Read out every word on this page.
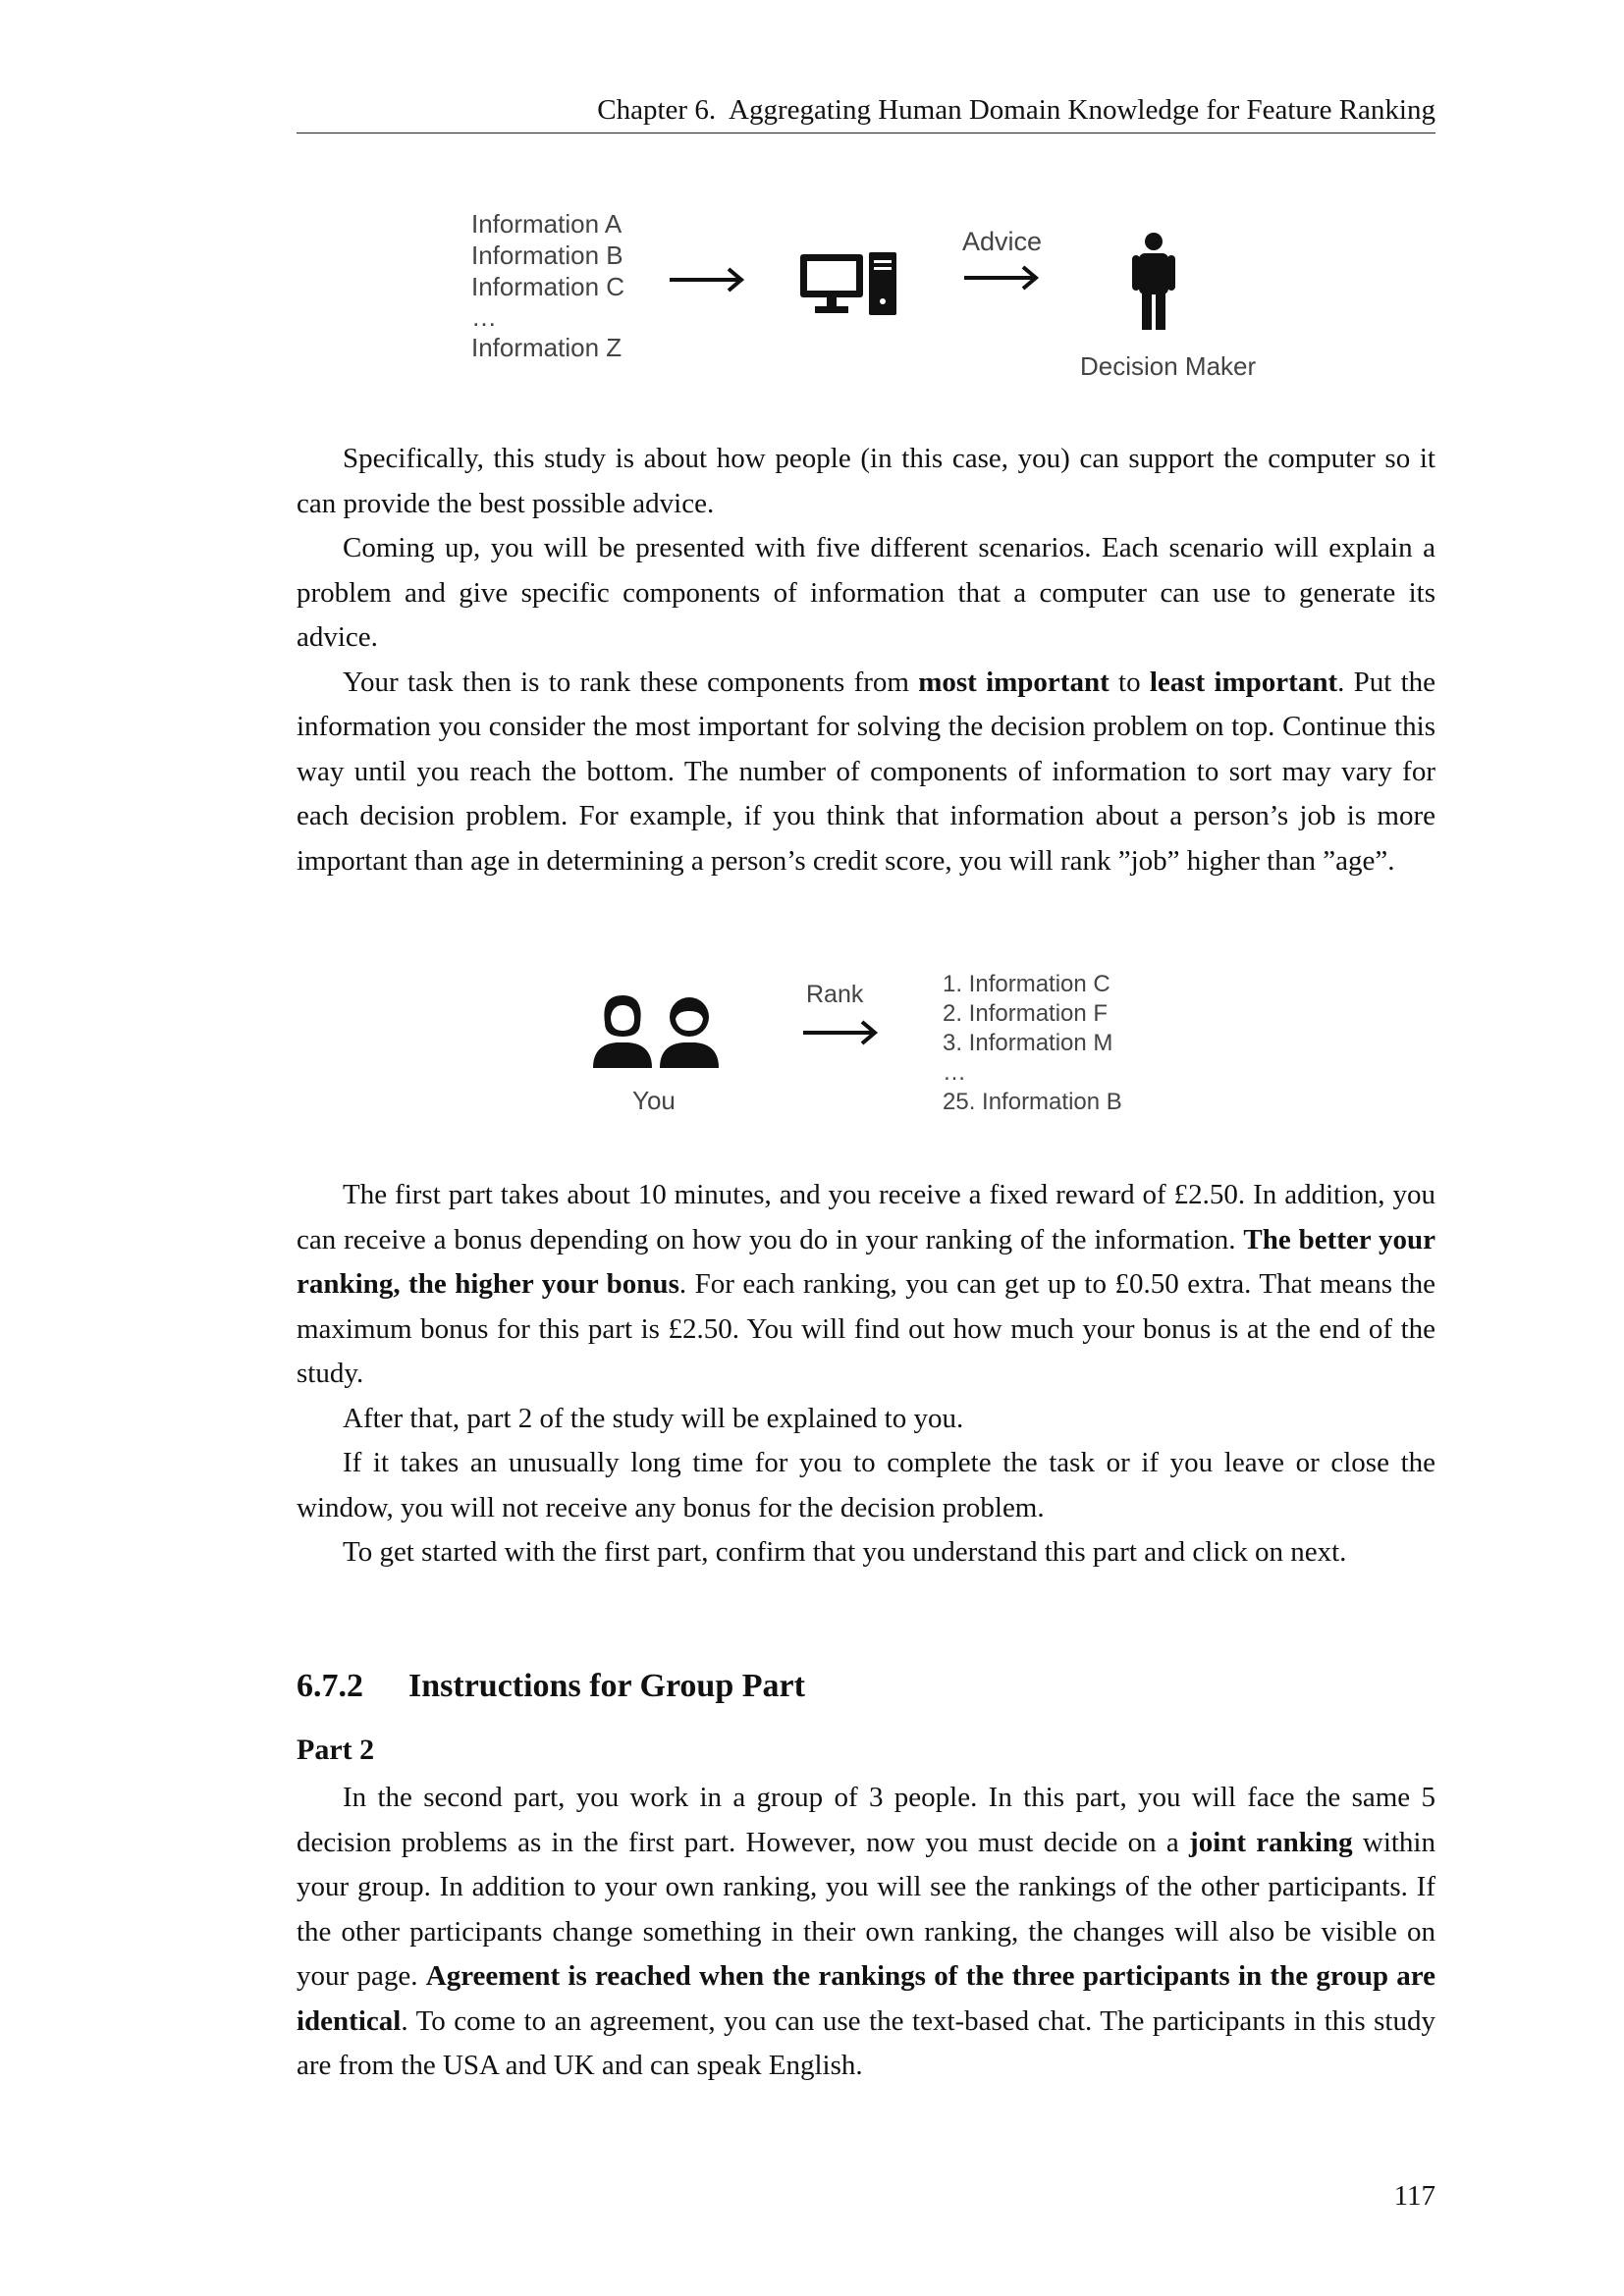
Chapter 6. Aggregating Human Domain Knowledge for Feature Ranking
Information A
Information B
Information C
…
Information Z
Advice
Decision Maker

Specifically, this study is about how people (in this case, you) can support the computer so it can provide the best possible advice.

Coming up, you will be presented with five different scenarios. Each scenario will explain a problem and give specific components of information that a computer can use to generate its advice.

Your task then is to rank these components from most important to least important. Put the information you consider the most important for solving the decision problem on top. Continue this way until you reach the bottom. The number of components of information to sort may vary for each decision problem. For example, if you think that information about a person’s job is more important than age in determining a person’s credit score, you will rank ”job” higher than ”age”.

You
Rank	1. Information C
2. Information F
3. Information M
…
25. Information B

The first part takes about 10 minutes, and you receive a fixed reward of £2.50. In addition, you can receive a bonus depending on how you do in your ranking of the information. The better your ranking, the higher your bonus. For each ranking, you can get up to £0.50 extra. That means the maximum bonus for this part is £2.50. You will find out how much your bonus is at the end of the study.

After that, part 2 of the study will be explained to you.

If it takes an unusually long time for you to complete the task or if you leave or close the window, you will not receive any bonus for the decision problem.

To get started with the first part, confirm that you understand this part and click on next.

6.7.2 Instructions for Group Part
Part 2

In the second part, you work in a group of 3 people. In this part, you will face the same 5 decision problems as in the first part. However, now you must decide on a joint ranking within your group. In addition to your own ranking, you will see the rankings of the other participants. If the other participants change something in their own ranking, the changes will also be visible on your page. Agreement is reached when the rankings of the three participants in the group are identical. To come to an agreement, you can use the text-based chat. The participants in this study are from the USA and UK and can speak English.

117
